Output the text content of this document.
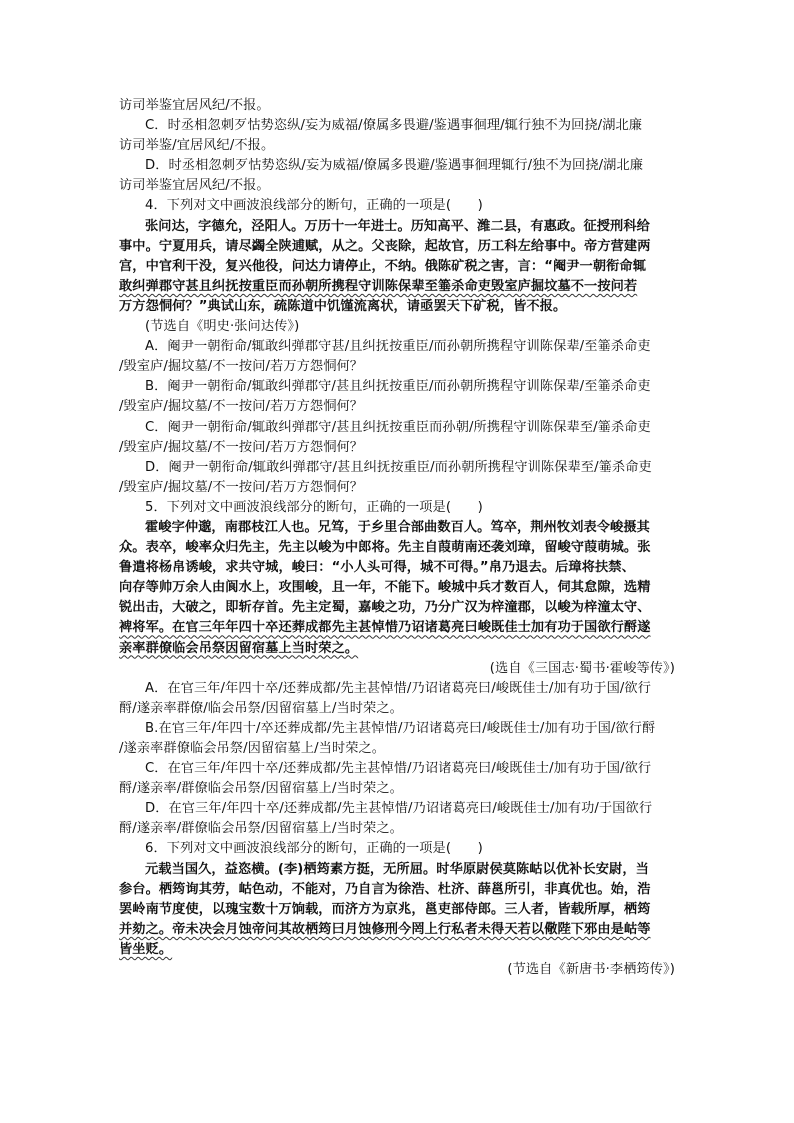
访司举鉴宜居风纪/不报。
C．时丞相忽刺歹怙势恣纵/妄为威福/僚属多畏避/鉴遇事徊理/辄行独不为回挠/湖北廉
访司举鉴/宜居风纪/不报。
D．时丞相忽刺歹怙势恣纵/妄为威福/僚属多畏避/鉴遇事徊理辄行/独不为回挠/湖北廉
访司举鉴宜居风纪/不报。
4．下列对文中画波浪线部分的断句，正确的一项是(　　)
张问达，字德允，泾阳人。万历十一年进士。历知高平、潍二县，有惠政。征授刑科给
事中。宁夏用兵，请尽蠲全陕逋赋，从之。父丧除，起故官，历工科左给事中。帝方营建两
宫，中官利干没，复兴他役，问达力请停止，不纳。俄陈矿税之害，言：“阉尹一朝衔命辄
敢纠弹郡守甚且纠抚按重臣而孙朝所携程守训陈保辈至箠杀命吏毁室庐掘坟墓不一按问若
万方怨恫何？”典试山东，疏陈道中饥馑流离状，请亟罢天下矿税，皆不报。
(节选自《明史·张问达传》)
A．阉尹一朝衔命/辄敢纠弹郡守甚/且纠抚按重臣/而孙朝所携程守训陈保辈/至箠杀命吏
/毁室庐/掘坟墓/不一按问/若万方怨恫何？
B．阉尹一朝衔命/辄敢纠弹郡守/甚且纠抚按重臣/而孙朝所携程守训陈保辈/至箠杀命吏
/毁室庐/掘坟墓/不一按问/若万方怨恫何？
C．阉尹一朝衔命/辄敢纠弹郡守/甚且纠抚按重臣而孙朝/所携程守训陈保辈至/箠杀命吏
/毁室庐/掘坟墓/不一按问/若万方怨恫何？
D．阉尹一朝衔命/辄敢纠弹郡守/甚且纠抚按重臣/而孙朝所携程守训陈保辈至/箠杀命吏
/毁室庐/掘坟墓/不一按问/若万方怨恫何？
5．下列对文中画波浪线部分的断句，正确的一项是(　　)
霍峻字仲邈，南郡枝江人也。兄笃，于乡里合部曲数百人。笃卒，荆州牧刘表令峻摄其
众。表卒，峻率众归先主，先主以峻为中郎将。先主自葭萌南还袭刘璋，留峻守葭萌城。张
鲁遣将杨帛诱峻，求共守城，峻曰：“小人头可得，城不可得。”帛乃退去。后璋将扶禁、
向存等帅万余人由阆水上，攻围峻，且一年，不能下。峻城中兵才数百人，伺其怠隙，选精
锐出击，大破之，即斩存首。先主定蜀，嘉峻之功，乃分广汉为梓潼郡，以峻为梓潼太守、
裨将军。在官三年年四十卒还葬成都先主甚悼惜乃诏诸葛亮曰峻既佳士加有功于国欲行酹遂
亲率群僚临会吊祭因留宿墓上当时荣之。
(选自《三国志·蜀书·霍峻等传》)
A．在官三年/年四十卒/还葬成都/先主甚悼惜/乃诏诸葛亮曰/峻既佳士/加有功于国/欲行
酹/遂亲率群僚/临会吊祭/因留宿墓上/当时荣之。
B.在官三年/年四十/卒还葬成都/先主甚悼惜/乃诏诸葛亮曰/峻既佳士/加有功于国/欲行酹
/遂亲率群僚临会吊祭/因留宿墓上/当时荣之。
C．在官三年/年四十卒/还葬成都/先主甚悼惜/乃诏诸葛亮曰/峻既佳士/加有功于国/欲行
酹/遂亲率/群僚临会吊祭/因留宿墓上/当时荣之。
D．在官三年/年四十卒/还葬成都/先主甚悼惜/乃诏诸葛亮曰/峻既佳士/加有功/于国欲行
酹/遂亲率/群僚临会吊祭/因留宿墓上/当时荣之。
6．下列对文中画波浪线部分的断句，正确的一项是(　　)
元载当国久，益恣横。(李)栖筠素方挺，无所屈。时华原尉侯莫陈岵以优补长安尉，当
参台。栖筠询其劳，岵色动，不能对，乃自言为徐浩、杜济、薛邕所引，非真优也。始，浩
罢岭南节度使，以瑰宝数十万饷载，而济方为京兆，邕吏部侍郎。三人者，皆载所厚，栖筠
并劾之。帝未决会月蚀帝问其故栖筠曰月蚀修刑今罔上行私者未得天若以儆陛下邪由是岵等
皆坐贬。
(节选自《新唐书·李栖筠传》)
